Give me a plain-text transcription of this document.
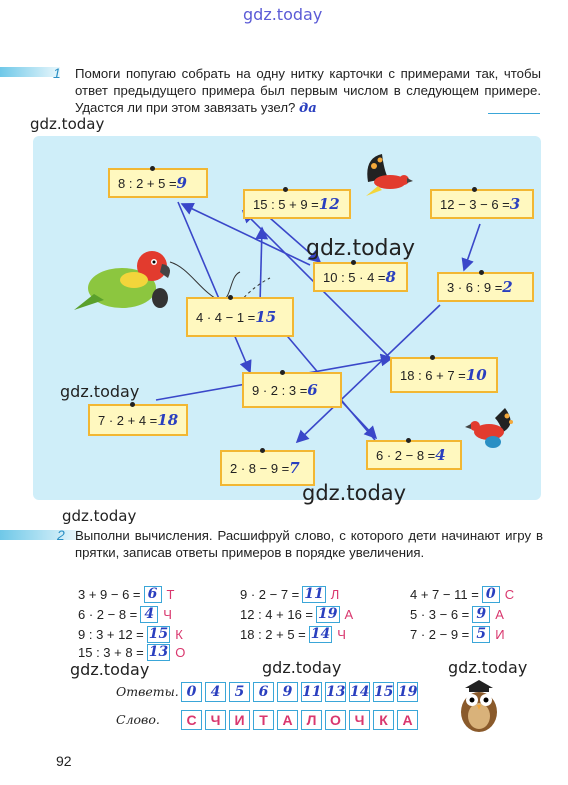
gdz.today
gdz.today
gdz.today
gdz.today
gdz.today
gdz.today
gdz.today	gdz.today	gdz.today
1 Помоги попугаю собрать на одну нитку карточки с примерами так, чтобы ответ предыдущего примера был первым числом в следующем примере. Удастся ли при этом завязать узел? да
8 : 2 + 5 = 9
15 : 5 + 9 = 12	12 − 3 − 6 = 3
10 : 5 · 4 = 8
3 · 6 : 9 = 2
4 · 4 − 1 = 15
18 : 6 + 7 = 10
9 · 2 : 3 = 6
7 · 2 + 4 = 18
6 · 2 − 8 = 4
2 · 8 − 9 = 7
2 Выполни вычисления. Расшифруй слово, с которого дети начинают игру в прятки, записав ответы примеров в порядке увеличения.
3 + 9 − 6 = 6 Т
6 · 2 − 8 = 4 Ч
9 : 3 + 12 = 15 К
15 : 3 + 8 = 13 О
9 · 2 − 7 = 11 Л
12 : 4 + 16 = 19 А
18 : 2 + 5 = 14 Ч
4 + 7 − 11 = 0 С
5 · 3 − 6 = 9 А
7 · 2 − 9 = 5 И
Ответы. 0	4	5	6	9 11 13 14 15 19
Слово.	С	Ч	И	Т	А	Л О Ч	К	А
92
